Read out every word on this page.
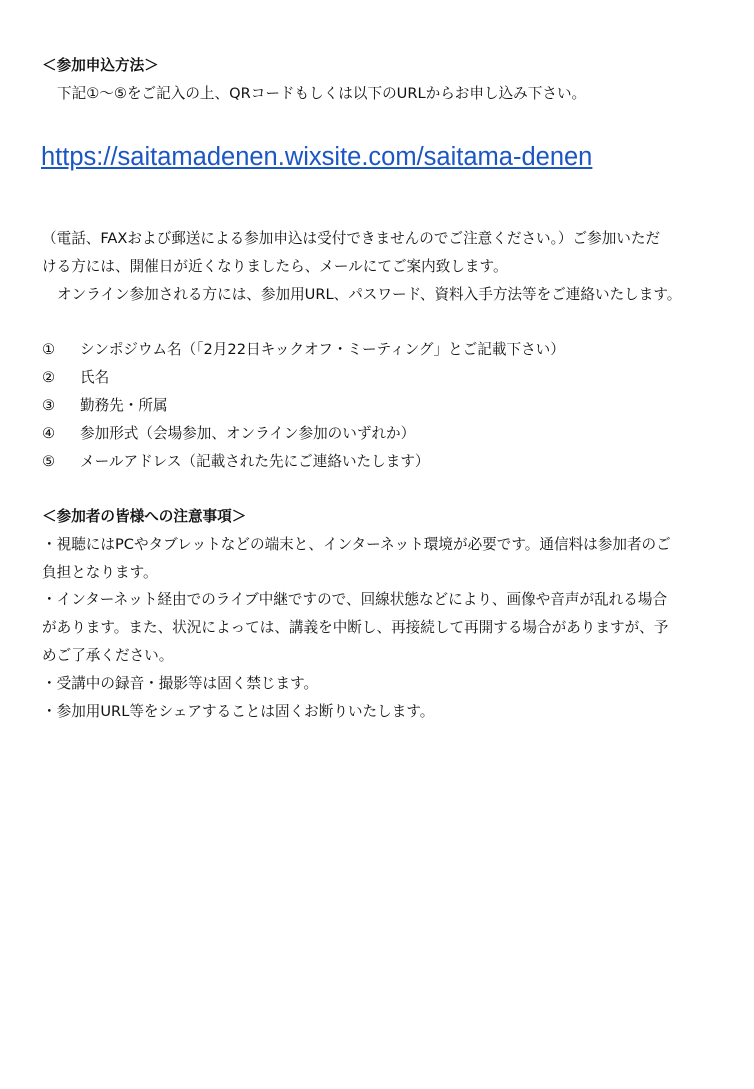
＜参加申込方法＞
下記①～⑤をご記入の上、QRコードもしくは以下のURLからお申し込み下さい。
https://saitamadenen.wixsite.com/saitama-denen
（電話、FAXおよび郵送による参加申込は受付できませんのでご注意ください。）ご参加いただ
ける方には、開催日が近くなりましたら、メールにてご案内致します。
オンライン参加される方には、参加用URL、パスワード、資料入手方法等をご連絡いたします。
① シンポジウム名（「2月22日キックオフ・ミーティング」とご記載下さい）
② 氏名
③ 勤務先・所属
④ 参加形式（会場参加、オンライン参加のいずれか）
⑤ メールアドレス（記載された先にご連絡いたします）
＜参加者の皆様への注意事項＞
・視聴にはPCやタブレットなどの端末と、インターネット環境が必要です。通信料は参加者のご
負担となります。
・インターネット経由でのライブ中継ですので、回線状態などにより、画像や音声が乱れる場合
があります。また、状況によっては、講義を中断し、再接続して再開する場合がありますが、予
めご了承ください。
・受講中の録音・撮影等は固く禁じます。
・参加用URL等をシェアすることは固くお断りいたします。
